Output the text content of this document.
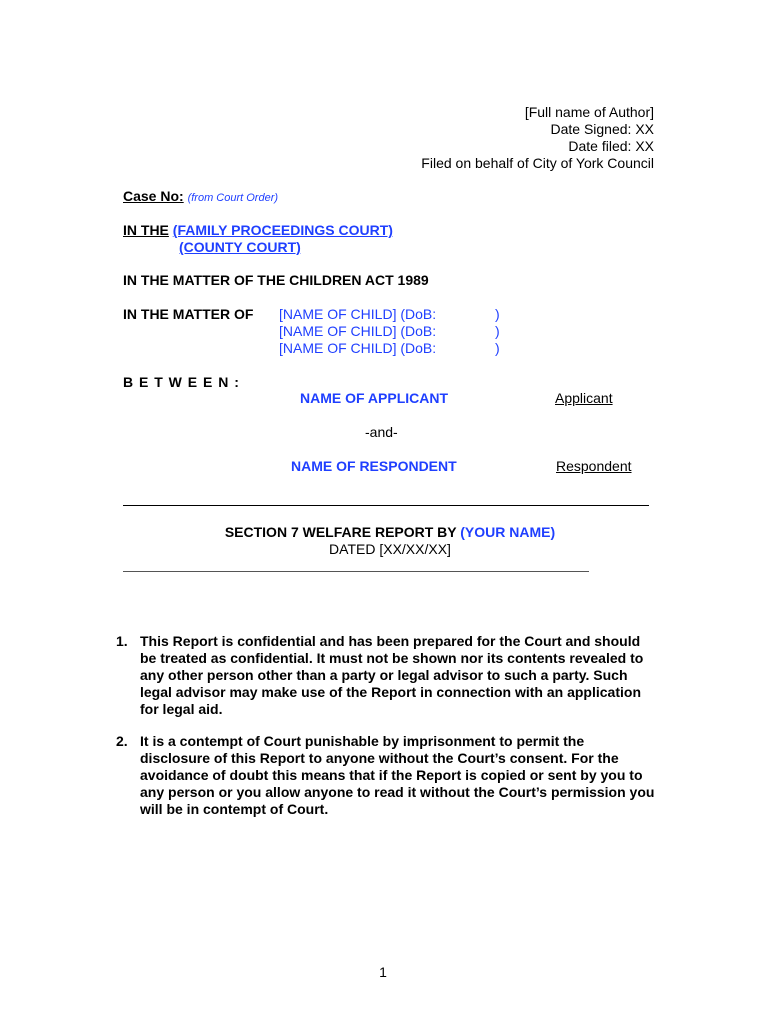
[Full name of Author]
Date Signed: XX
Date filed: XX
Filed on behalf of City of York Council
Case No: (from Court Order)
IN THE (FAMILY PROCEEDINGS COURT)
(COUNTY COURT)
IN THE MATTER OF THE CHILDREN ACT 1989
IN THE MATTER OF [NAME OF CHILD] (DoB:	)
[NAME OF CHILD] (DoB:	)
[NAME OF CHILD] (DoB:	)
B E T W E E N :
NAME OF APPLICANT	Applicant
-and-
NAME OF RESPONDENT	Respondent
SECTION 7 WELFARE REPORT BY (YOUR NAME)
DATED [XX/XX/XX]
1. This Report is confidential and has been prepared for the Court and should be treated as confidential. It must not be shown nor its contents revealed to any other person other than a party or legal advisor to such a party. Such legal advisor may make use of the Report in connection with an application for legal aid.
2. It is a contempt of Court punishable by imprisonment to permit the disclosure of this Report to anyone without the Court’s consent. For the avoidance of doubt this means that if the Report is copied or sent by you to any person or you allow anyone to read it without the Court’s permission you will be in contempt of Court.
1
